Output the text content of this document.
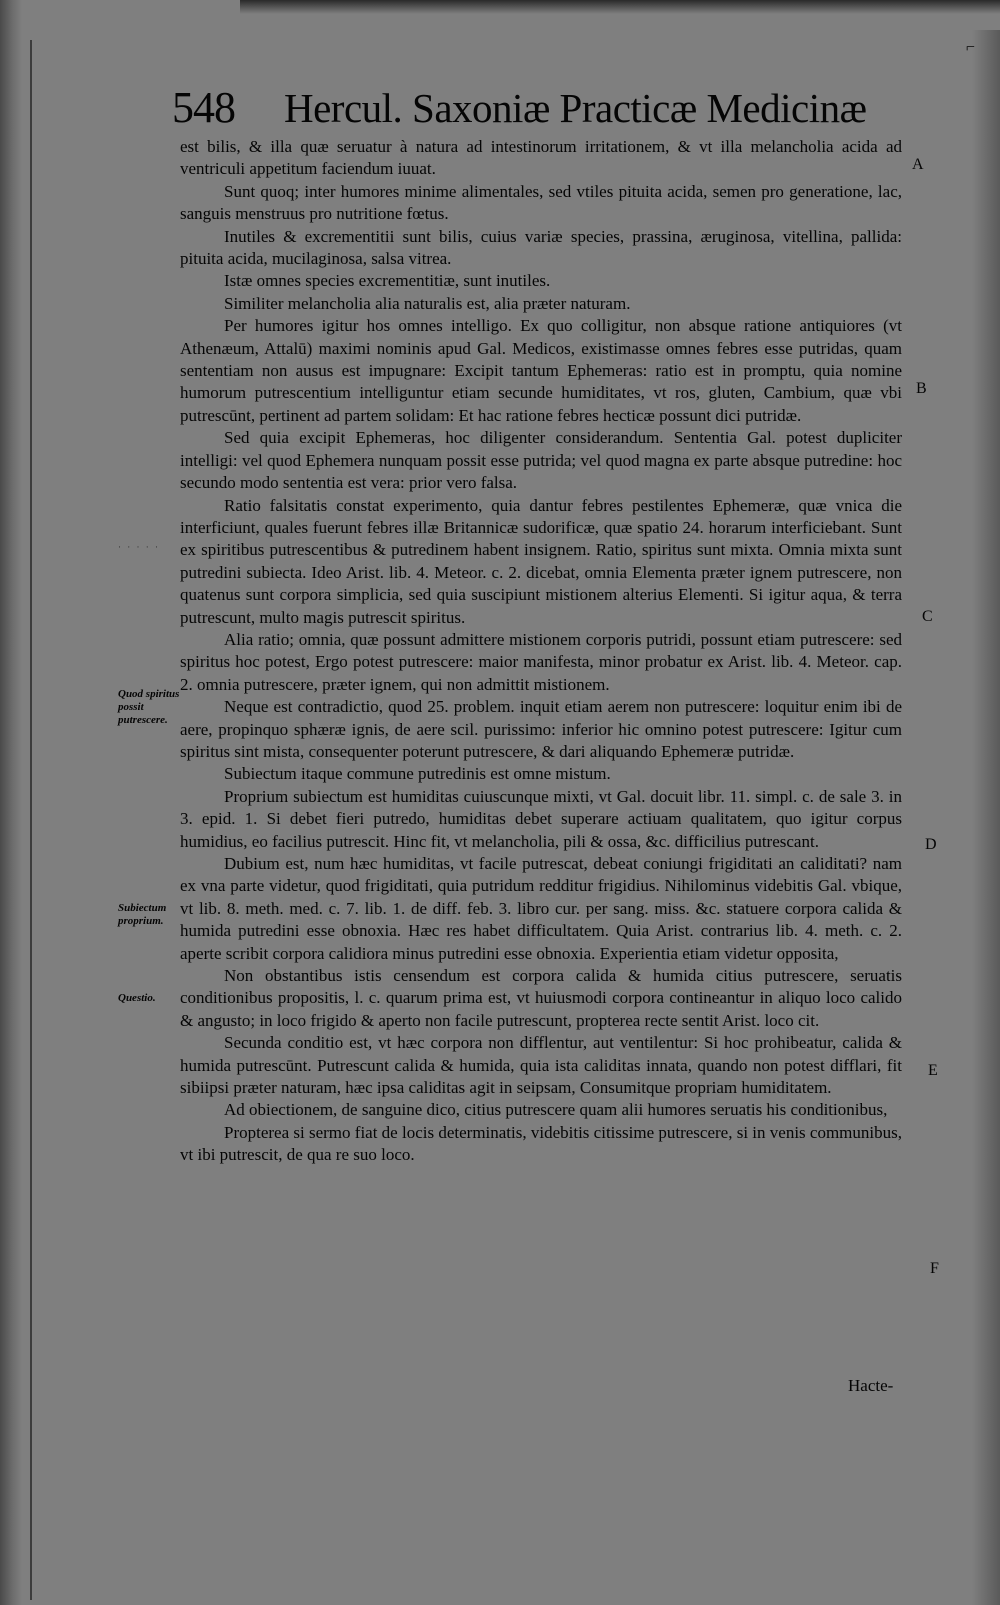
⌐
548 Hercul. Saxoniæ Practicæ Medicinæ

est bilis, & illa quæ seruatur à natura ad intestinorum irritationem, & vt illa melancholia acida ad ventriculi appetitum faciendum iuuat.

Sunt quoq; inter humores minime alimentales, sed vtiles pituita acida, semen pro generatione, lac, sanguis menstruus pro nutritione fœtus.

Inutiles & excrementitii sunt bilis, cuius variæ species, prassina, æruginosa, vitellina, pallida: pituita acida, mucilaginosa, salsa vitrea.

Istæ omnes species excrementitiæ, sunt inutiles.

Similiter melancholia alia naturalis est, alia præter naturam.

Per humores igitur hos omnes intelligo. Ex quo colligitur, non absque ratione antiquiores (vt Athenæum, Attalū) maximi nominis apud Gal. Medicos, existimasse omnes febres esse putridas, quam sententiam non ausus est impugnare: Excipit tantum Ephemeras: ratio est in promptu, quia nomine humorum putrescentium intelliguntur etiam secunde humiditates, vt ros, gluten, Cambium, quæ vbi putrescūnt, pertinent ad partem solidam: Et hac ratione febres hecticæ possunt dici putridæ.

Sed quia excipit Ephemeras, hoc diligenter considerandum. Sententia Gal. potest dupliciter intelligi: vel quod Ephemera nunquam possit esse putrida; vel quod magna ex parte absque putredine: hoc secundo modo sententia est vera: prior vero falsa.

Ratio falsitatis constat experimento, quia dantur febres pestilentes Ephemeræ, quæ vnica die interficiunt, quales fuerunt febres illæ Britannicæ sudorificæ, quæ spatio 24. horarum interficiebant. Sunt ex spiritibus putrescentibus & putredinem habent insignem. Ratio, spiritus sunt mixta. Omnia mixta sunt putredini subiecta. Ideo Arist. lib. 4. Meteor. c. 2. dicebat, omnia Elementa præter ignem putrescere, non quatenus sunt corpora simplicia, sed quia suscipiunt mistionem alterius Elementi. Si igitur aqua, & terra putrescunt, multo magis putrescit spiritus.

Alia ratio; omnia, quæ possunt admittere mistionem corporis putridi, possunt etiam putrescere: sed spiritus hoc potest, Ergo potest putrescere: maior manifesta, minor probatur ex Arist. lib. 4. Meteor. cap. 2. omnia putrescere, præter ignem, qui non admittit mistionem.

Neque est contradictio, quod 25. problem. inquit etiam aerem non putrescere: loquitur enim ibi de aere, propinquo sphæræ ignis, de aere scil. purissimo: inferior hic omnino potest putrescere: Igitur cum spiritus sint mista, consequenter poterunt putrescere, & dari aliquando Ephemeræ putridæ.

Subiectum itaque commune putredinis est omne mistum.

Proprium subiectum est humiditas cuiuscunque mixti, vt Gal. docuit libr. 11. simpl. c. de sale 3. in 3. epid. 1. Si debet fieri putredo, humiditas debet superare actiuam qualitatem, quo igitur corpus humidius, eo facilius putrescit. Hinc fit, vt melancholia, pili & ossa, &c. difficilius putrescant.

Dubium est, num hæc humiditas, vt facile putrescat, debeat coniungi frigiditati an caliditati? nam ex vna parte videtur, quod frigiditati, quia putridum redditur frigidius. Nihilominus videbitis Gal. vbique, vt lib. 8. meth. med. c. 7. lib. 1. de diff. feb. 3. libro cur. per sang. miss. &c. statuere corpora calida & humida putredini esse obnoxia. Hæc res habet difficultatem. Quia Arist. contrarius lib. 4. meth. c. 2. aperte scribit corpora calidiora minus putredini esse obnoxia. Experientia etiam videtur opposita,

Non obstantibus istis censendum est corpora calida & humida citius putrescere, seruatis conditionibus propositis, l. c. quarum prima est, vt huiusmodi corpora contineantur in aliquo loco calido & angusto; in loco frigido & aperto non facile putrescunt, propterea recte sentit Arist. loco cit.

Secunda conditio est, vt hæc corpora non difflentur, aut ventilentur: Si hoc prohibeatur, calida & humida putrescūnt. Putrescunt calida & humida, quia ista caliditas innata, quando non potest difflari, fit sibiipsi præter naturam, hæc ipsa caliditas agit in seipsam, Consumitque propriam humiditatem.

Ad obiectionem, de sanguine dico, citius putrescere quam alii humores seruatis his conditionibus,

Propterea si sermo fiat de locis determinatis, videbitis citissime putrescere, si in venis communibus, vt ibi putrescit, de qua re suo loco.

A
B
C
D
E
F
· · · · ·
Quod spiritus possit putrescere.
Subiectum proprium.
Questio.
Hacte-
